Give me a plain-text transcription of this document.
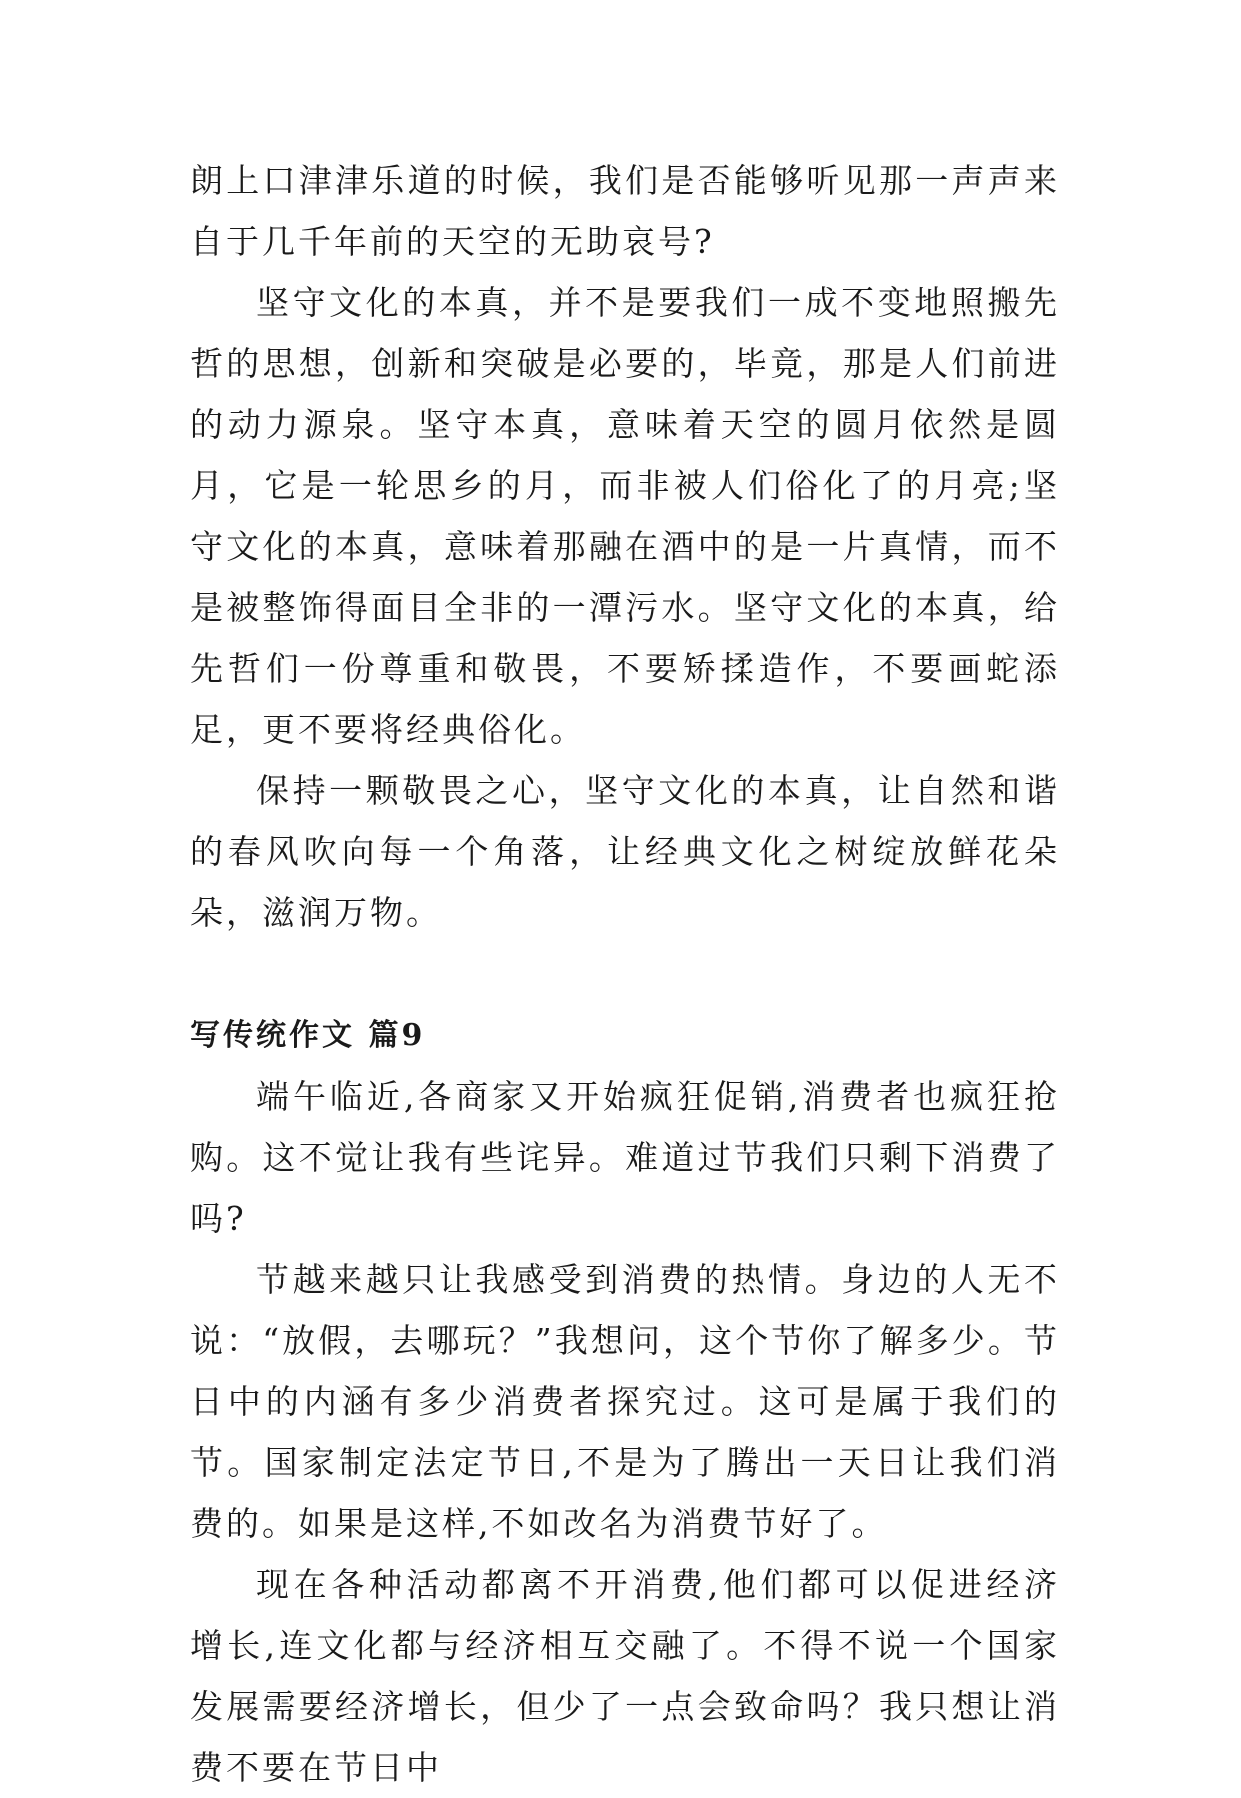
朗上口津津乐道的时候，我们是否能够听见那一声声来自于几千年前的天空的无助哀号?

坚守文化的本真，并不是要我们一成不变地照搬先哲的思想，创新和突破是必要的，毕竟，那是人们前进的动力源泉。坚守本真，意味着天空的圆月依然是圆月，它是一轮思乡的月，而非被人们俗化了的月亮;坚守文化的本真，意味着那融在酒中的是一片真情，而不是被整饰得面目全非的一潭污水。坚守文化的本真，给先哲们一份尊重和敬畏，不要矫揉造作，不要画蛇添足，更不要将经典俗化。

保持一颗敬畏之心，坚守文化的本真，让自然和谐的春风吹向每一个角落，让经典文化之树绽放鲜花朵朵，滋润万物。

写传统作文 篇9

端午临近,各商家又开始疯狂促销,消费者也疯狂抢购。这不觉让我有些诧异。难道过节我们只剩下消费了吗?

节越来越只让我感受到消费的热情。身边的人无不说：“放假，去哪玩？”我想问，这个节你了解多少。节日中的内涵有多少消费者探究过。这可是属于我们的节。国家制定法定节日,不是为了腾出一天日让我们消费的。如果是这样,不如改名为消费节好了。

现在各种活动都离不开消费,他们都可以促进经济增长,连文化都与经济相互交融了。不得不说一个国家发展需要经济增长，但少了一点会致命吗？我只想让消费不要在节日中
